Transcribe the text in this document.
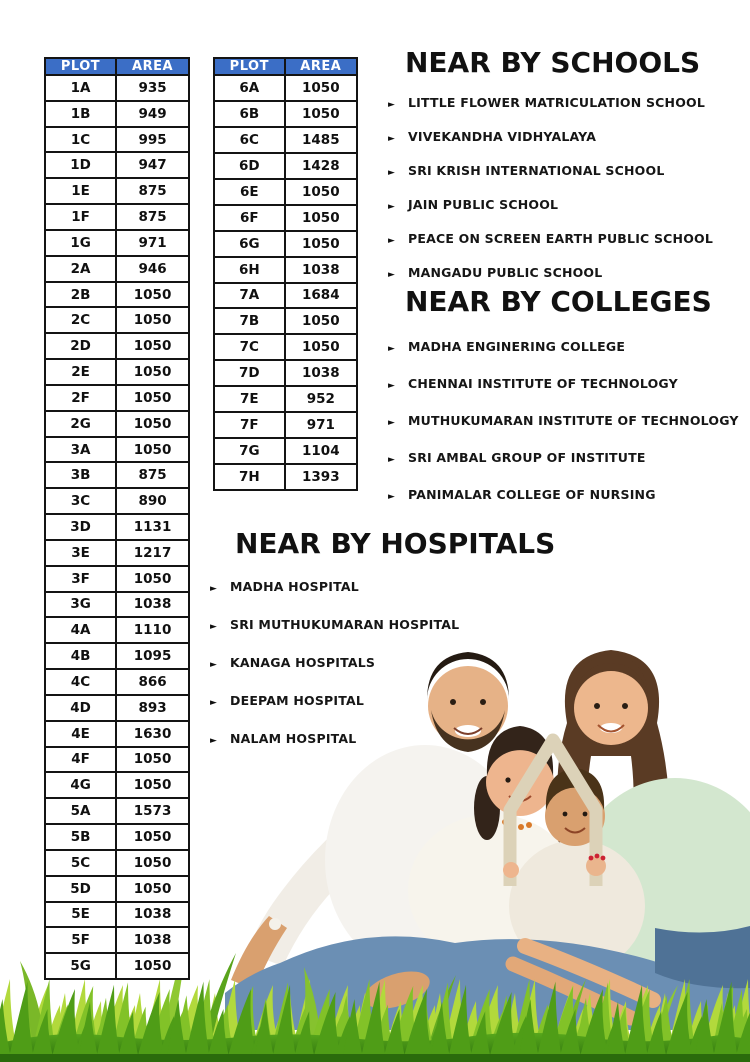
PLOT	AREA
1A	935
1B	949
1C	995
1D	947
1E	875
1F	875
1G	971
2A	946
2B	1050
2C	1050
2D	1050
2E	1050
2F	1050
2G	1050
3A	1050
3B	875
3C	890
3D	1131
3E	1217
3F	1050
3G	1038
4A	1110
4B	1095
4C	866
4D	893
4E	1630
4F	1050
4G	1050
5A	1573
5B	1050
5C	1050
5D	1050
5E	1038
5F	1038
5G	1050
PLOT	AREA
6A	1050
6B	1050
6C	1485
6D	1428
6E	1050
6F	1050
6G	1050
6H	1038
7A	1684
7B	1050
7C	1050
7D	1038
7E	952
7F	971
7G	1104
7H	1393
NEAR BY SCHOOLS
►	LITTLE FLOWER MATRICULATION SCHOOL
►	VIVEKANDHA VIDHYALAYA
►	SRI KRISH INTERNATIONAL SCHOOL
►	JAIN PUBLIC SCHOOL
►	PEACE ON SCREEN EARTH PUBLIC SCHOOL
►	MANGADU PUBLIC SCHOOL
NEAR BY COLLEGES
►	MADHA ENGINERING COLLEGE
►	CHENNAI INSTITUTE OF TECHNOLOGY
►	MUTHUKUMARAN INSTITUTE OF TECHNOLOGY
►	SRI AMBAL GROUP OF INSTITUTE
►	PANIMALAR COLLEGE OF NURSING
NEAR BY HOSPITALS
►	MADHA HOSPITAL
►	SRI MUTHUKUMARAN HOSPITAL
►	KANAGA HOSPITALS
►	DEEPAM HOSPITAL
►	NALAM HOSPITAL
